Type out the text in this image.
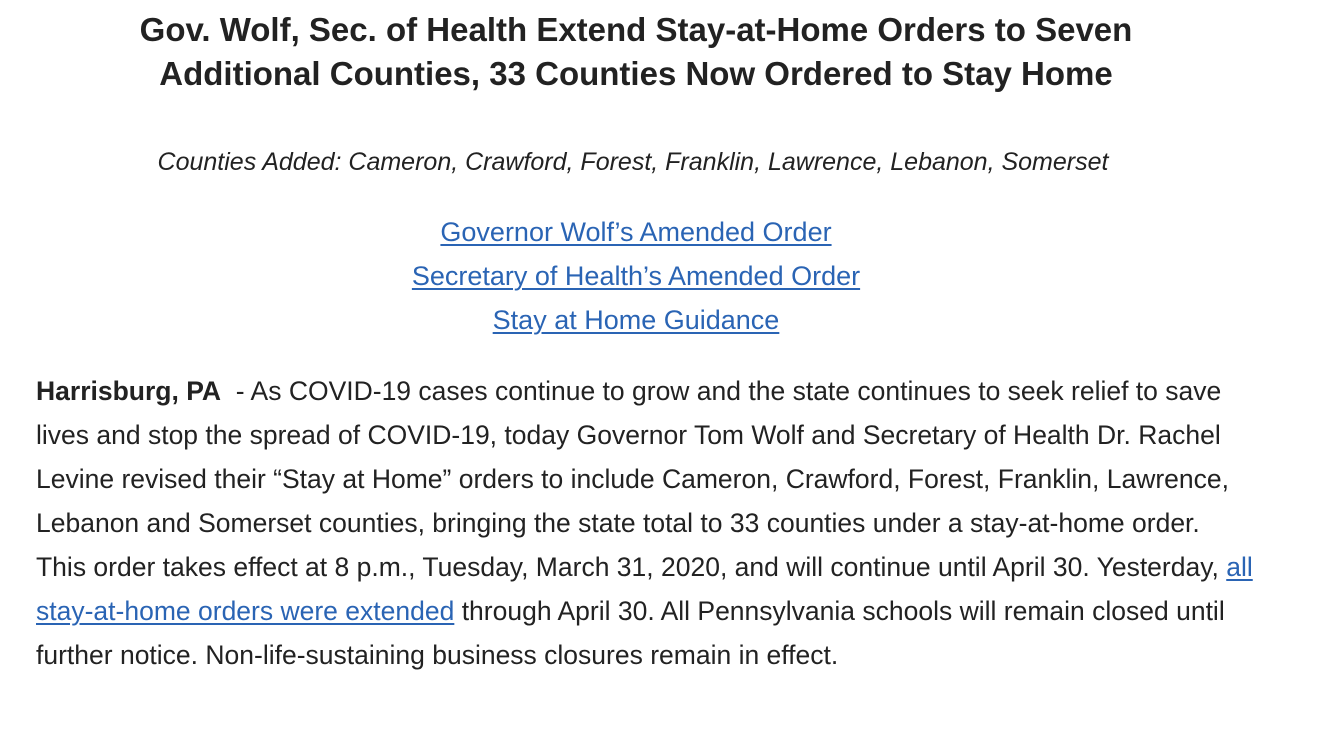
Gov. Wolf, Sec. of Health Extend Stay-at-Home Orders to Seven
Additional Counties, 33 Counties Now Ordered to Stay Home

Counties Added: Cameron, Crawford, Forest, Franklin, Lawrence, Lebanon, Somerset

Governor Wolf’s Amended Order
Secretary of Health’s Amended Order
Stay at Home Guidance

Harrisburg, PA  - As COVID-19 cases continue to grow and the state continues to seek relief to save lives and stop the spread of COVID-19, today Governor Tom Wolf and Secretary of Health Dr. Rachel Levine revised their “Stay at Home” orders to include Cameron, Crawford, Forest, Franklin, Lawrence, Lebanon and Somerset counties, bringing the state total to 33 counties under a stay-at-home order. This order takes effect at 8 p.m., Tuesday, March 31, 2020, and will continue until April 30. Yesterday, all stay-at-home orders were extended through April 30. All Pennsylvania schools will remain closed until further notice. Non-life-sustaining business closures remain in effect.
